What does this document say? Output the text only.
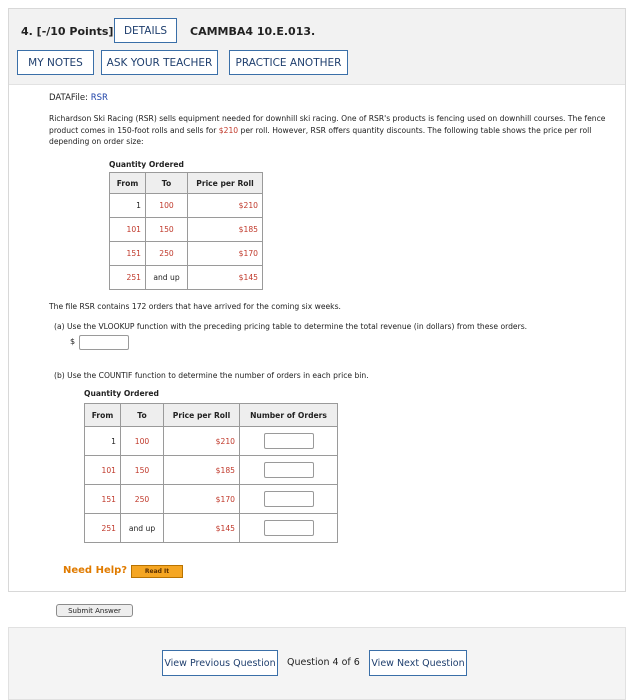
4. [-/10 Points] DETAILS	CAMMBA4 10.E.013.
MY NOTES	ASK YOUR TEACHER	PRACTICE ANOTHER
DATAFile: RSR

Richardson Ski Racing (RSR) sells equipment needed for downhill ski racing. One of RSR's products is fencing used on downhill courses. The fence product comes in 150-foot rolls and sells for $210 per roll. However, RSR offers quantity discounts. The following table shows the price per roll depending on order size:

Quantity Ordered
From	To	Price per Roll
1	100	$210
101	150	$185
151	250	$170
251	and up	$145

The file RSR contains 172 orders that have arrived for the coming six weeks.

(a) Use the VLOOKUP function with the preceding pricing table to determine the total revenue (in dollars) from these orders.

$

(b) Use the COUNTIF function to determine the number of orders in each price bin.

Quantity Ordered
From	To	Price per Roll	Number of Orders
1	100	$210	
101	150	$185	
151	250	$170	
251	and up	$145	
Need Help?	Read It
Submit Answer
View Previous Question Question 4 of 6 View Next Question
